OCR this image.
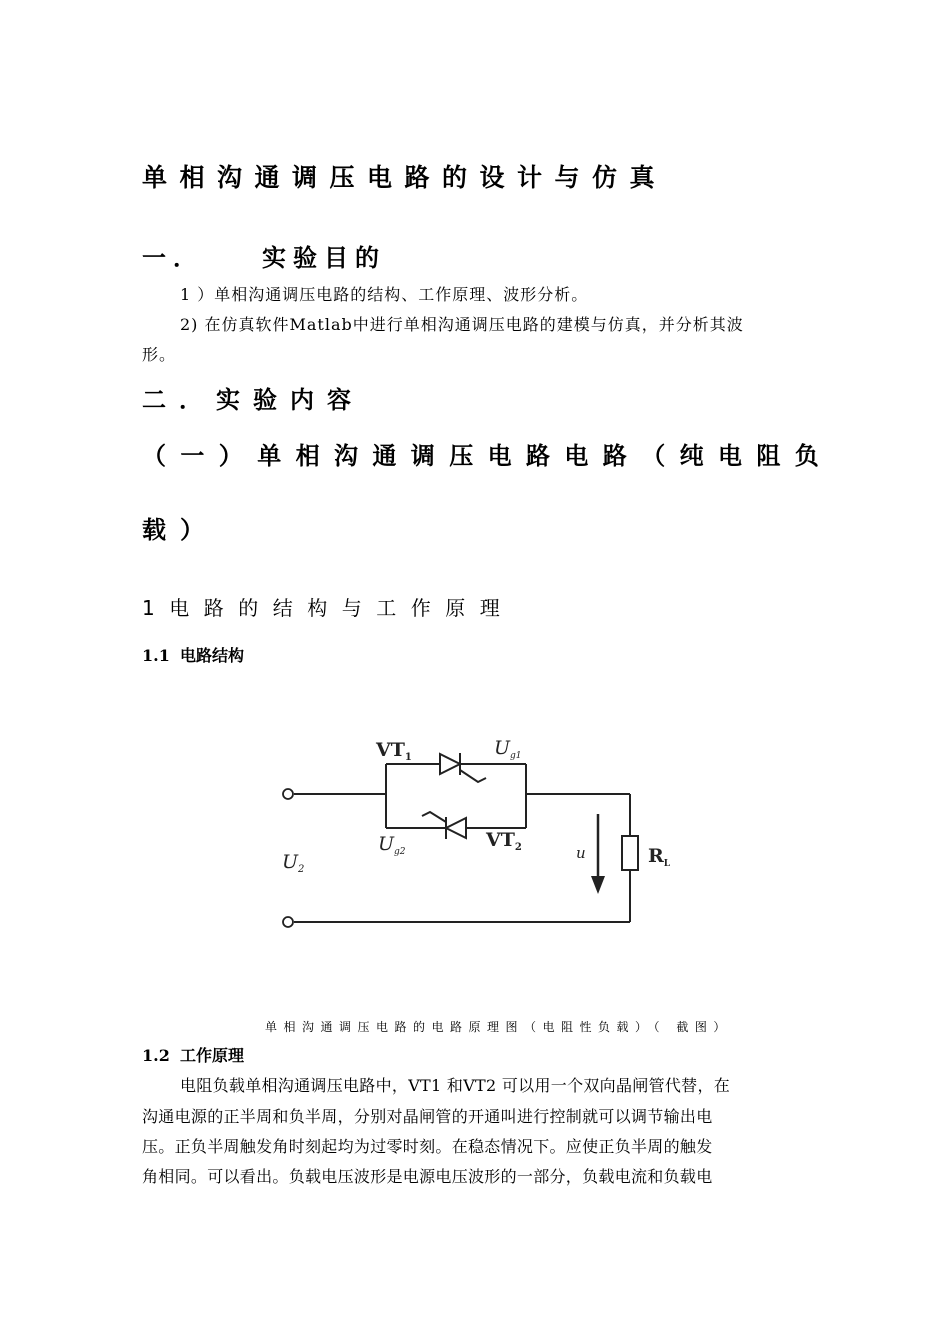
单相沟通调压电路的设计与仿真
一． 实验目的
1 ）单相沟通调压电路的结构、工作原理、波形分析。
2) 在仿真软件Matlab中进行单相沟通调压电路的建模与仿真，并分析其波
形。
二．实验内容
（一）单相沟通调压电路电路（纯电阻负
载）
1电路的结构与工作原理
1.1 电路结构
$VT_1$	$U_{g1}$
$U_{g2}$
$VT_2$
$U_2$
u	$R_L$
单相沟通调压电路的电路原理图（电阻性负载）（ 截图）
1.2 工作原理
电阻负载单相沟通调压电路中，VT1 和VT2 可以用一个双向晶闸管代替，在
沟通电源的正半周和负半周，分别对晶闸管的开通叫进行控制就可以调节输出电
压。正负半周触发角时刻起均为过零时刻。在稳态情况下。应使正负半周的触发
角相同。可以看出。负载电压波形是电源电压波形的一部分，负载电流和负载电
